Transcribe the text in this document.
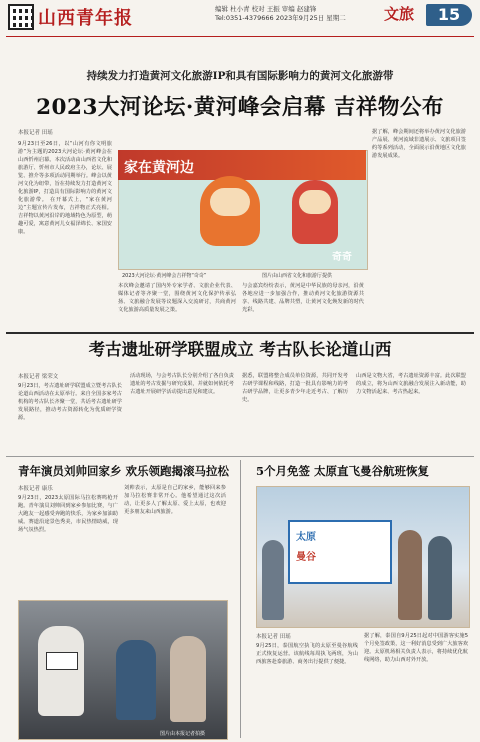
山西青年报	编辑 杜小青 校对 王振 审编 赵建锋
Tel:0351-4379666 2023年9月25日 星期二	文旅	15
持续发力打造黄河文化旅游IP和具有国际影响力的黄河文化旅游带
2023大河论坛·黄河峰会启幕 吉祥物公布
本报记者 田瑶
9月23日至26日，以“山河有你文明旅游”为主题的2023大河论坛·黄河峰会在山西忻州启幕。本次活动由山西省文化和旅游厅、忻州市人民政府主办，论坛、展览、推介等多项活动同期举行。峰会以黄河文化为纽带，旨在持续发力打造黄河文化旅游IP，打造具有国际影响力的黄河文化旅游带。 在开幕式上，“家在黄河边”主题宣传片发布，吉祥物正式亮相。吉祥物以黄河沿岸的地域特色为原型，萌趣可爱，寓意黄河儿女福泽绵长、家国安康。
家在黄河边
奇奇
2023大河论坛·黄河峰会吉祥物“奇奇”	图片由山西省文化和旅游厅提供
本次峰会邀请了国内外专家学者、文旅企业代表、媒体记者等齐聚一堂，围绕黄河文化保护传承弘扬、文旅融合发展等议题深入交流研讨，共商黄河文化旅游高质量发展之策。
与会嘉宾纷纷表示，黄河是中华民族的母亲河，沿黄各地应进一步加强合作，推动黄河文化旅游资源共享、线路共建、品牌共塑，让黄河文化焕发新的时代光彩。
据了解，峰会期间还将举办黄河文化旅游产品展、黄河流域非遗展示、文旅项目签约等系列活动，全面展示沿黄地区文化旅游发展成果。
考古遗址研学联盟成立 考古队长论道山西
本报记者 梁荣文
9月23日，考古遗址研学联盟成立暨考古队长论道山西活动在太原举行。来自全国多家考古机构的考古队长齐聚一堂，共话考古遗址研学发展路径，推动考古资源转化为优质研学资源。
活动现场，与会考古队长分别介绍了各自负责遗址的考古发掘与研究成果，并就如何依托考古遗址开展研学活动提出意见和建议。
据悉，联盟将整合成员单位资源，共同开发考古研学课程和线路，打造一批具有影响力的考古研学品牌，让更多青少年走近考古、了解历史。
山西是文物大省，考古遗址资源丰富。此次联盟的成立，将为山西文旅融合发展注入新动能，助力文物活起来、考古热起来。
青年演员刘帅回家乡 欢乐领跑揭滚马拉松
本报记者 康乐
9月23日，2023太原国际马拉松赛鸣枪开跑。青年演员刘帅回到家乡参加比赛，与广大跑友一起感受奔跑的快乐，为家乡加油助威。赛道沿途景色秀美，市民热情助威，现场气氛热烈。
刘帅表示，太原是自己的家乡，能够回来参加马拉松赛非常开心。他希望通过这次活动，让更多人了解太原、爱上太原，也欢迎更多朋友来山西旅游。
图片由本报记者拍摄
5个月免签 太原直飞曼谷航班恢复
太原
曼谷
本报记者 田瑶
9月25日，泰国航空执飞的太原至曼谷航线正式恢复运营。该航线每周执飞两班，为山西旅客赴泰旅游、商务出行提供了便捷。
据了解，泰国自9月25日起对中国游客实施5个月免签政策，这一利好消息受到广大旅客欢迎。太原机场相关负责人表示，将持续优化航线网络，助力山西对外开放。
